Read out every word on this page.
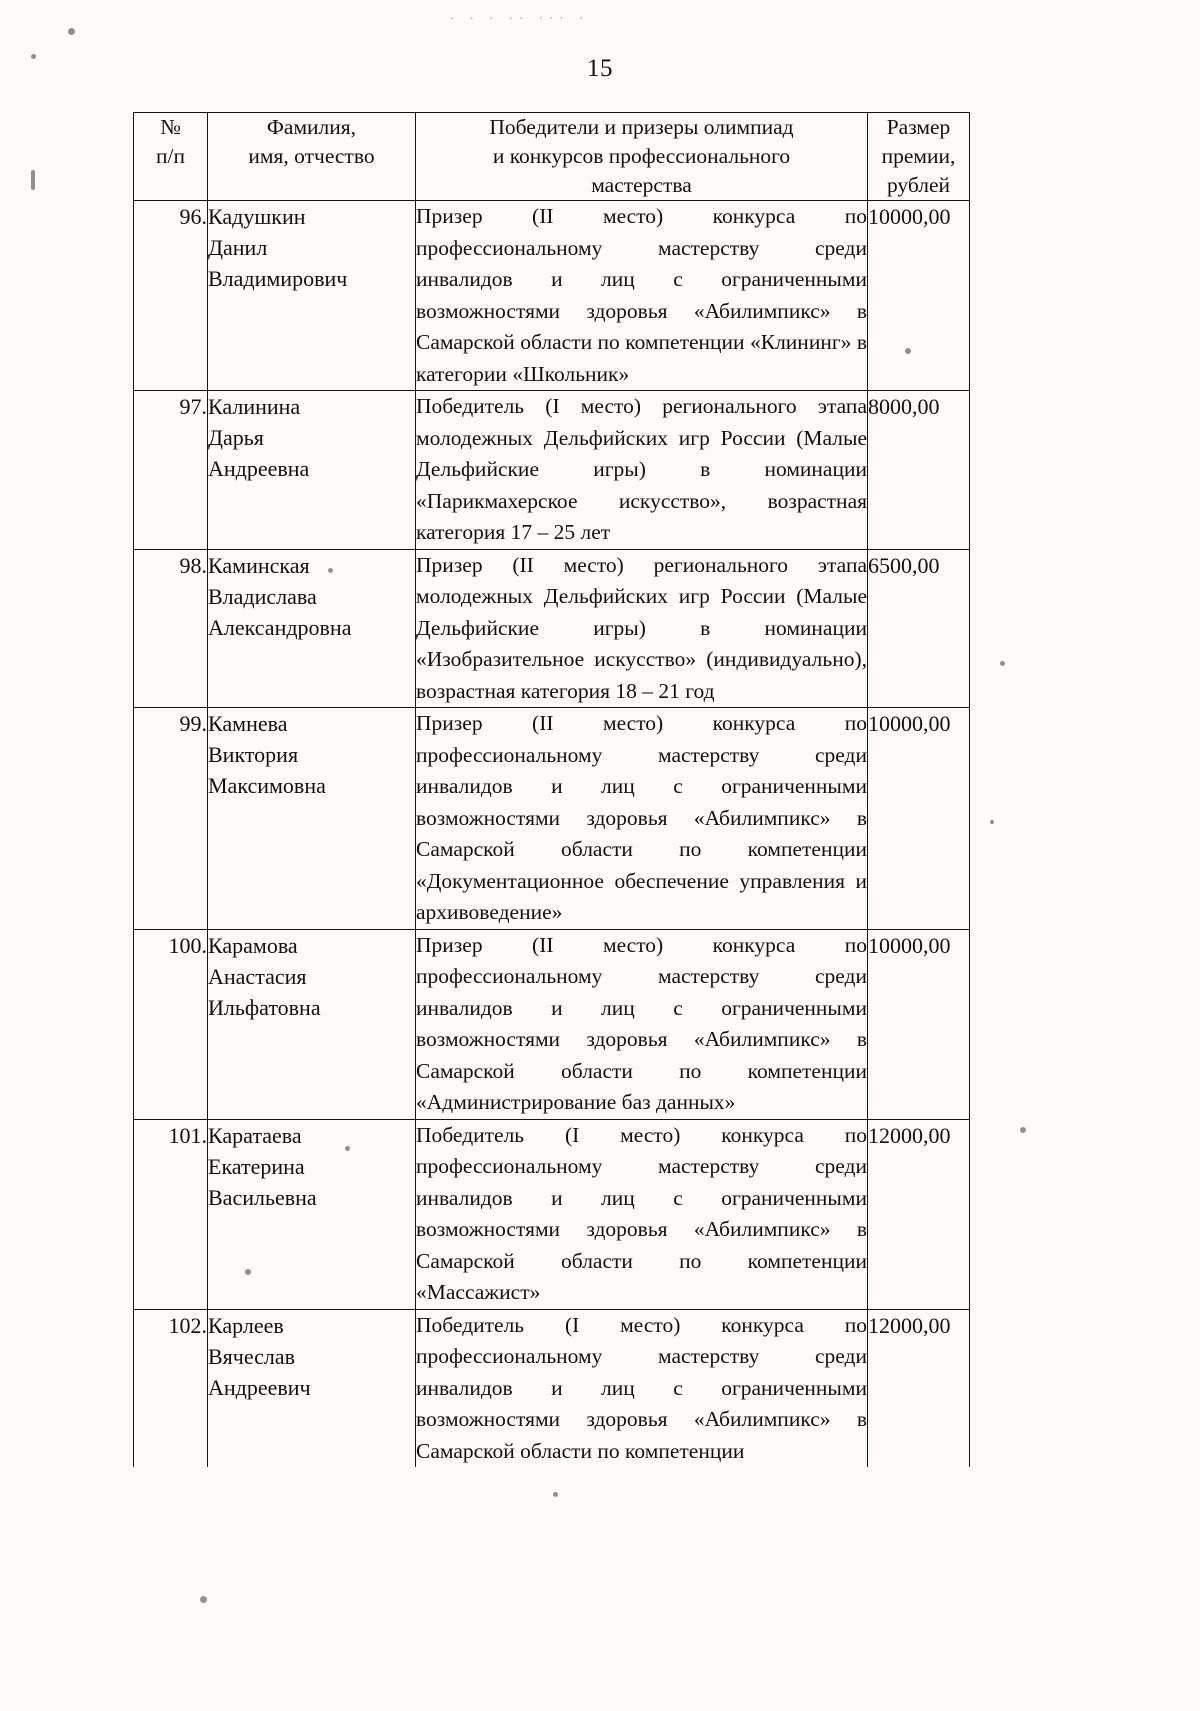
· · · ·· ··· ·
15
№
п/п	Фамилия,
имя, отчество	Победители и призеры олимпиад
и конкурсов профессионального
мастерства	Размер
премии,
рублей

96.	Кадушкин
Данил
Владимирович	Призер (II место) конкурса по профессиональному мастерству среди инвалидов и лиц с ограниченными возможностями здоровья «Абилимпикс» в Самарской области по компетенции «Клининг» в категории «Школьник»	10000,00
97.	Калинина
Дарья
Андреевна	Победитель (I место) регионального этапа молодежных Дельфийских игр России (Малые Дельфийские игры) в номинации «Парикмахерское искусство», возрастная категория 17 – 25 лет	8000,00
98.	Каминская
Владислава
Александровна	Призер (II место) регионального этапа молодежных Дельфийских игр России (Малые Дельфийские игры) в номинации «Изобразительное искусство» (индивидуально), возрастная категория 18 – 21 год	6500,00
99.	Камнева
Виктория
Максимовна
	Призер (II место) конкурса по профессиональному мастерству среди инвалидов и лиц с ограниченными возможностями здоровья «Абилимпикс» в Самарской области по компетенции «Документационное обеспечение управления и архивоведение»	10000,00
100.	Карамова
Анастасия
Ильфатовна	Призер (II место) конкурса по профессиональному мастерству среди инвалидов и лиц с ограниченными возможностями здоровья «Абилимпикс» в Самарской области по компетенции «Администрирование баз данных»	10000,00
101.	Каратаева
Екатерина
Васильевна	Победитель (I место) конкурса по профессиональному мастерству среди инвалидов и лиц с ограниченными возможностями здоровья «Абилимпикс» в Самарской области по компетенции «Массажист»	12000,00
102.	Карлеев
Вячеслав
Андреевич	Победитель (I место) конкурса по профессиональному мастерству среди инвалидов и лиц с ограниченными возможностями здоровья «Абилимпикс» в Самарской области по компетенции	12000,00
